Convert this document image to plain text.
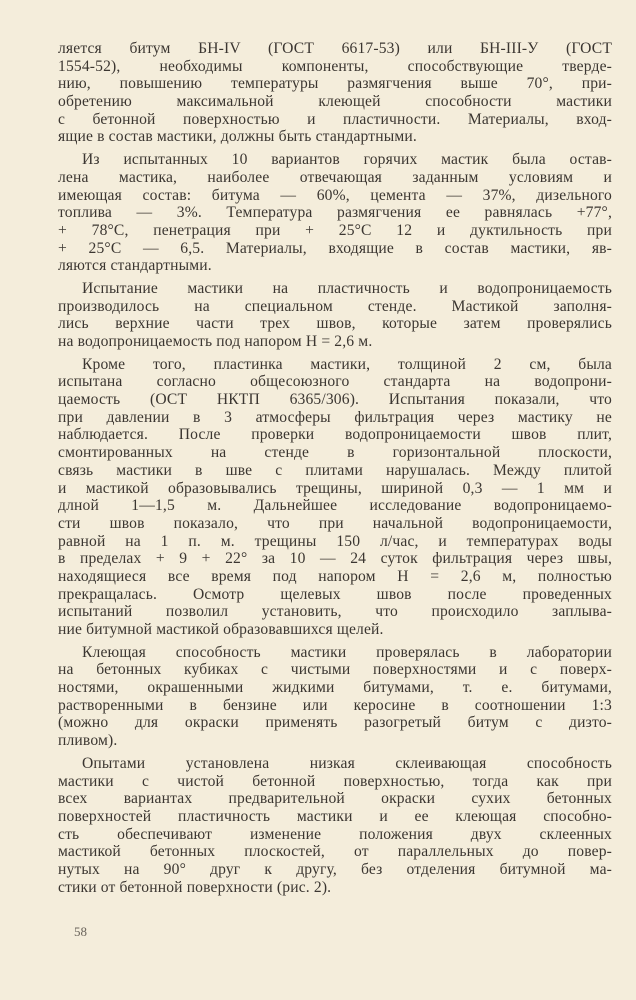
ляется битум БН-IV (ГОСТ 6617-53) или БН-III-У (ГОСТ
1554-52), необходимы компоненты, способствующие тверде-
нию, повышению температуры размягчения выше 70°, при-
обретению максимальной клеющей способности мастики
с бетонной поверхностью и пластичности. Материалы, вход-
ящие в состав мастики, должны быть стандартными.
Из испытанных 10 вариантов горячих мастик была остав-
лена мастика, наиболее отвечающая заданным условиям и
имеющая состав: битума — 60%, цемента — 37%, дизельного
топлива — 3%. Температура размягчения ее равнялась +77°,
+ 78°С, пенетрация при + 25°С 12 и дуктильность при
+ 25°С — 6,5. Материалы, входящие в состав мастики, яв-
ляются стандартными.
Испытание мастики на пластичность и водопроницаемость
производилось на специальном стенде. Мастикой заполня-
лись верхние части трех швов, которые затем проверялись
на водопроницаемость под напором Н = 2,6 м.
Кроме того, пластинка мастики, толщиной 2 см, была
испытана согласно общесоюзного стандарта на водопрони-
цаемость (ОСТ НКТП 6365/306). Испытания показали, что
при давлении в 3 атмосферы фильтрация через мастику не
наблюдается. После проверки водопроницаемости швов плит,
смонтированных на стенде в горизонтальной плоскости,
связь мастики в шве с плитами нарушалась. Между плитой
и мастикой образовывались трещины, шириной 0,3 — 1 мм и
длной 1—1,5 м. Дальнейшее исследование водопроницаемо-
сти швов показало, что при начальной водопроницаемости,
равной на 1 п. м. трещины 150 л/час, и температурах воды
в пределах + 9 + 22° за 10 — 24 суток фильтрация через швы,
находящиеся все время под напором Н = 2,6 м, полностью
прекращалась. Осмотр щелевых швов после проведенных
испытаний позволил установить, что происходило заплыва-
ние битумной мастикой образовавшихся щелей.
Клеющая способность мастики проверялась в лаборатории
на бетонных кубиках с чистыми поверхностями и с поверх-
ностями, окрашенными жидкими битумами, т. е. битумами,
растворенными в бензине или керосине в соотношении 1:3
(можно для окраски применять разогретый битум с дизто-
пливом).
Опытами установлена низкая склеивающая способность
мастики с чистой бетонной поверхностью, тогда как при
всех вариантах предварительной окраски сухих бетонных
поверхностей пластичность мастики и ее клеющая способно-
сть обеспечивают изменение положения двух склеенных
мастикой бетонных плоскостей, от параллельных до повер-
нутых на 90° друг к другу, без отделения битумной ма-
стики от бетонной поверхности (рис. 2).
58
